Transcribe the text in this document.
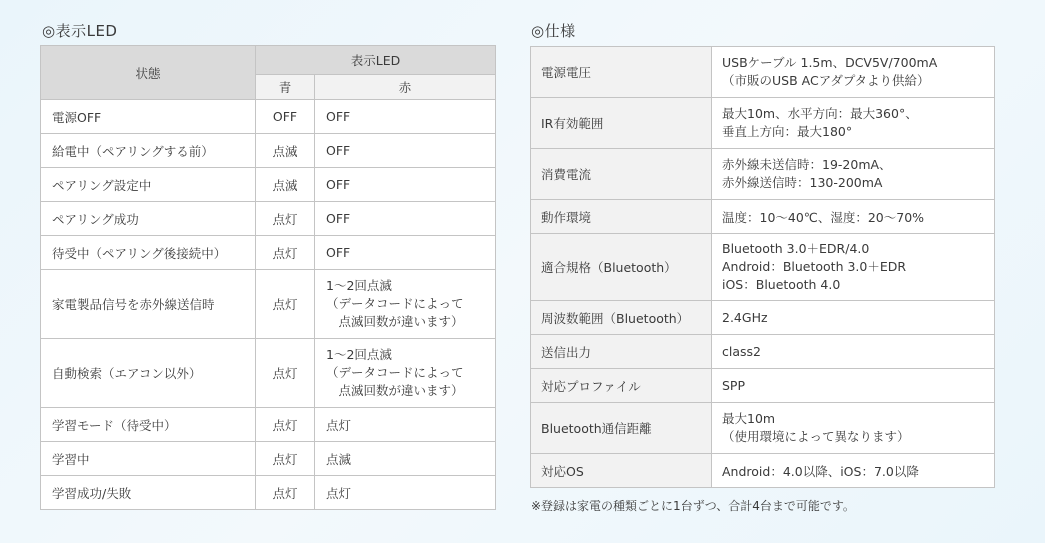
◎表示LED
状態	表示LED	
	青	赤
電源OFF	OFF	OFF
給電中（ペアリングする前）	点滅	OFF
ペアリング設定中	点滅	OFF
ペアリング成功	点灯	OFF
待受中（ペアリング後接続中）	点灯	OFF
家電製品信号を赤外線送信時	点灯	1～2回点滅
（データコードによって
　点滅回数が違います）
自動検索（エアコン以外）	点灯	1～2回点滅
（データコードによって
　点滅回数が違います）
学習モード（待受中）	点灯	点灯
学習中	点灯	点滅
学習成功/失敗	点灯	点灯
◎仕様
電源電圧	USBケーブル 1.5m、DCV5V/700mA
（市販のUSB ACアダプタより供給）
IR有効範囲	最大10m、水平方向：最大360°、
垂直上方向：最大180°
消費電流	赤外線未送信時：19-20mA、
赤外線送信時：130-200mA
動作環境	温度：10～40℃、湿度：20～70%
適合規格（Bluetooth）	Bluetooth 3.0＋EDR/4.0
Android：Bluetooth 3.0＋EDR
iOS：Bluetooth 4.0
周波数範囲（Bluetooth）	2.4GHz
送信出力	class2
対応プロファイル	SPP
Bluetooth通信距離	最大10m
（使用環境によって異なります）
対応OS	Android：4.0以降、iOS：7.0以降
※登録は家電の種類ごとに1台ずつ、合計4台まで可能です。
